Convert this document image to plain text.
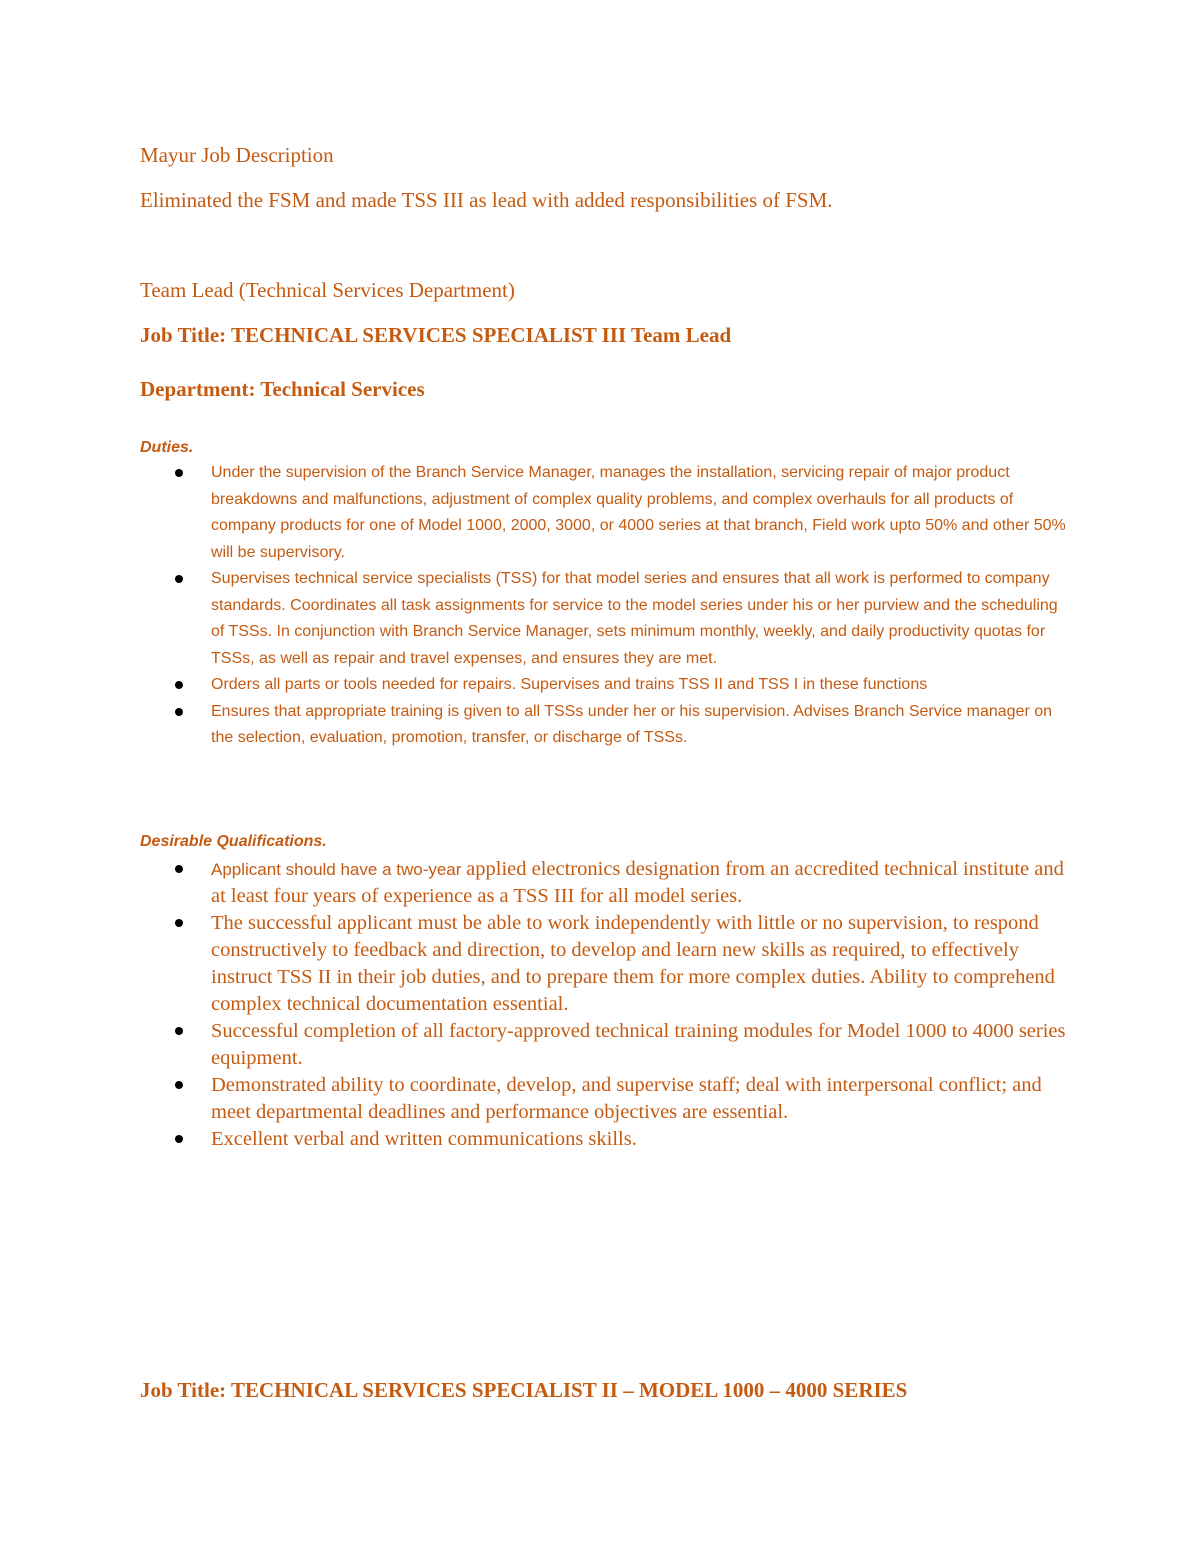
Mayur Job Description
Eliminated the FSM and made TSS III as lead with added responsibilities of FSM.
Team Lead (Technical Services Department)
Job Title: TECHNICAL SERVICES SPECIALIST III Team Lead
Department: Technical Services
Duties.
Under the supervision of the Branch Service Manager, manages the installation, servicing repair of major product breakdowns and malfunctions, adjustment of complex quality problems, and complex overhauls for all products of company products for one of Model 1000, 2000, 3000, or 4000 series at that branch, Field work upto 50% and other 50% will be supervisory.
Supervises technical service specialists (TSS) for that model series and ensures that all work is performed to company standards. Coordinates all task assignments for service to the model series under his or her purview and the scheduling of TSSs. In conjunction with Branch Service Manager, sets minimum monthly, weekly, and daily productivity quotas for TSSs, as well as repair and travel expenses, and ensures they are met.
Orders all parts or tools needed for repairs. Supervises and trains TSS II and TSS I in these functions
Ensures that appropriate training is given to all TSSs under her or his supervision. Advises Branch Service manager on the selection, evaluation, promotion, transfer, or discharge of TSSs.
Desirable Qualifications.
Applicant should have a two-year applied electronics designation from an accredited technical institute and at least four years of experience as a TSS III for all model series.
The successful applicant must be able to work independently with little or no supervision, to respond constructively to feedback and direction, to develop and learn new skills as required, to effectively instruct TSS II in their job duties, and to prepare them for more complex duties. Ability to comprehend complex technical documentation essential.
Successful completion of all factory-approved technical training modules for Model 1000 to 4000 series equipment.
Demonstrated ability to coordinate, develop, and supervise staff; deal with interpersonal conflict; and meet departmental deadlines and performance objectives are essential.
Excellent verbal and written communications skills.
Job Title: TECHNICAL SERVICES SPECIALIST II – MODEL 1000 – 4000 SERIES
